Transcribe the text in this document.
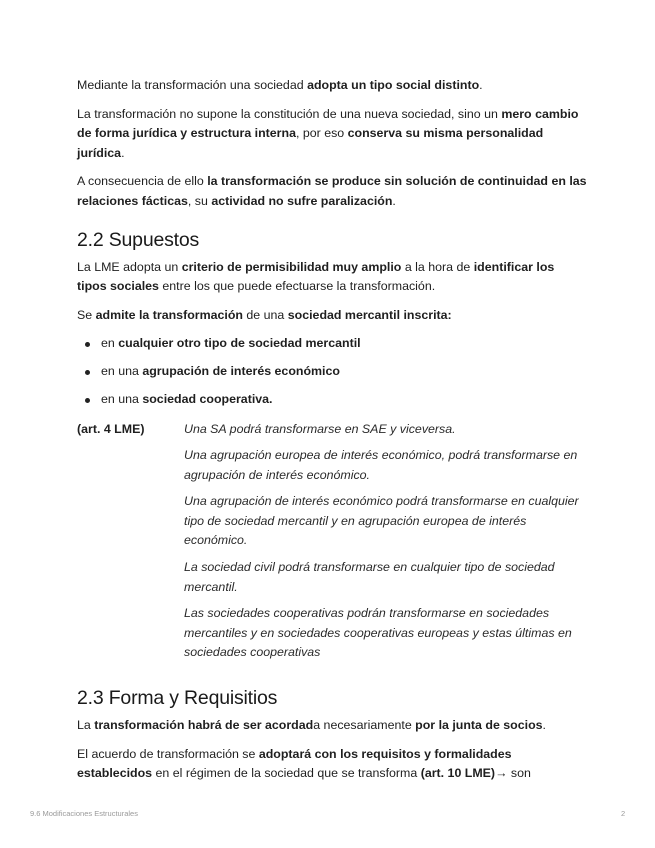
Mediante la transformación una sociedad adopta un tipo social distinto.

La transformación no supone la constitución de una nueva sociedad, sino un mero cambio de forma jurídica y estructura interna, por eso conserva su misma personalidad jurídica.

A consecuencia de ello la transformación se produce sin solución de continuidad en las relaciones fácticas, su actividad no sufre paralización.

2.2 Supuestos

La LME adopta un criterio de permisibilidad muy amplio a la hora de identificar los tipos sociales entre los que puede efectuarse la transformación.

Se admite la transformación de una sociedad mercantil inscrita:

en cualquier otro tipo de sociedad mercantil
en una agrupación de interés económico
en una sociedad cooperativa.
(art. 4 LME)	Una SA podrá transformarse en SAE y viceversa.

Una agrupación europea de interés económico, podrá transformarse en agrupación de interés económico.

Una agrupación de interés económico podrá transformarse en cualquier tipo de sociedad mercantil y en agrupación europea de interés económico.

La sociedad civil podrá transformarse en cualquier tipo de sociedad mercantil.

Las sociedades cooperativas podrán transformarse en sociedades mercantiles y en sociedades cooperativas europeas y estas últimas en sociedades cooperativas

2.3 Forma y Requisitios

La transformación habrá de ser acordada necesariamente por la junta de socios.

El acuerdo de transformación se adoptará con los requisitos y formalidades establecidos en el régimen de la sociedad que se transforma (art. 10 LME)→ son

9.6 Modificaciones Estructurales	2
